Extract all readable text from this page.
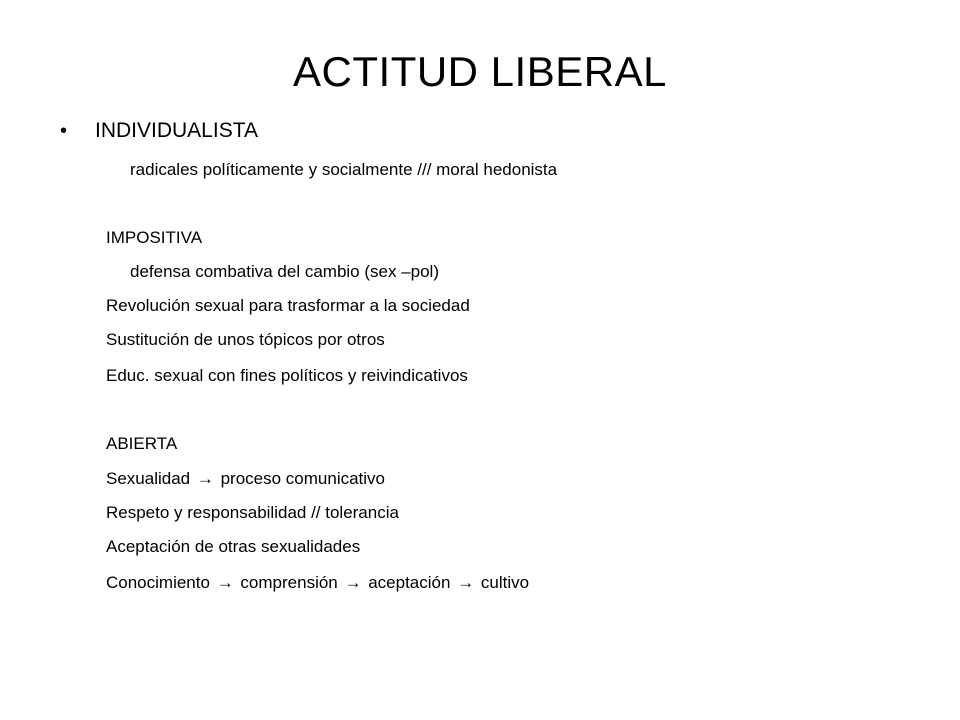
ACTITUD LIBERAL
• INDIVIDUALISTA
radicales políticamente y socialmente /// moral hedonista
IMPOSITIVA
defensa combativa del cambio (sex –pol)
Revolución sexual para trasformar a la sociedad
Sustitución de unos tópicos por otros
Educ. sexual con fines políticos y reivindicativos
ABIERTA
Sexualidad → proceso comunicativo
Respeto y responsabilidad // tolerancia
Aceptación de otras sexualidades
Conocimiento → comprensión → aceptación → cultivo
